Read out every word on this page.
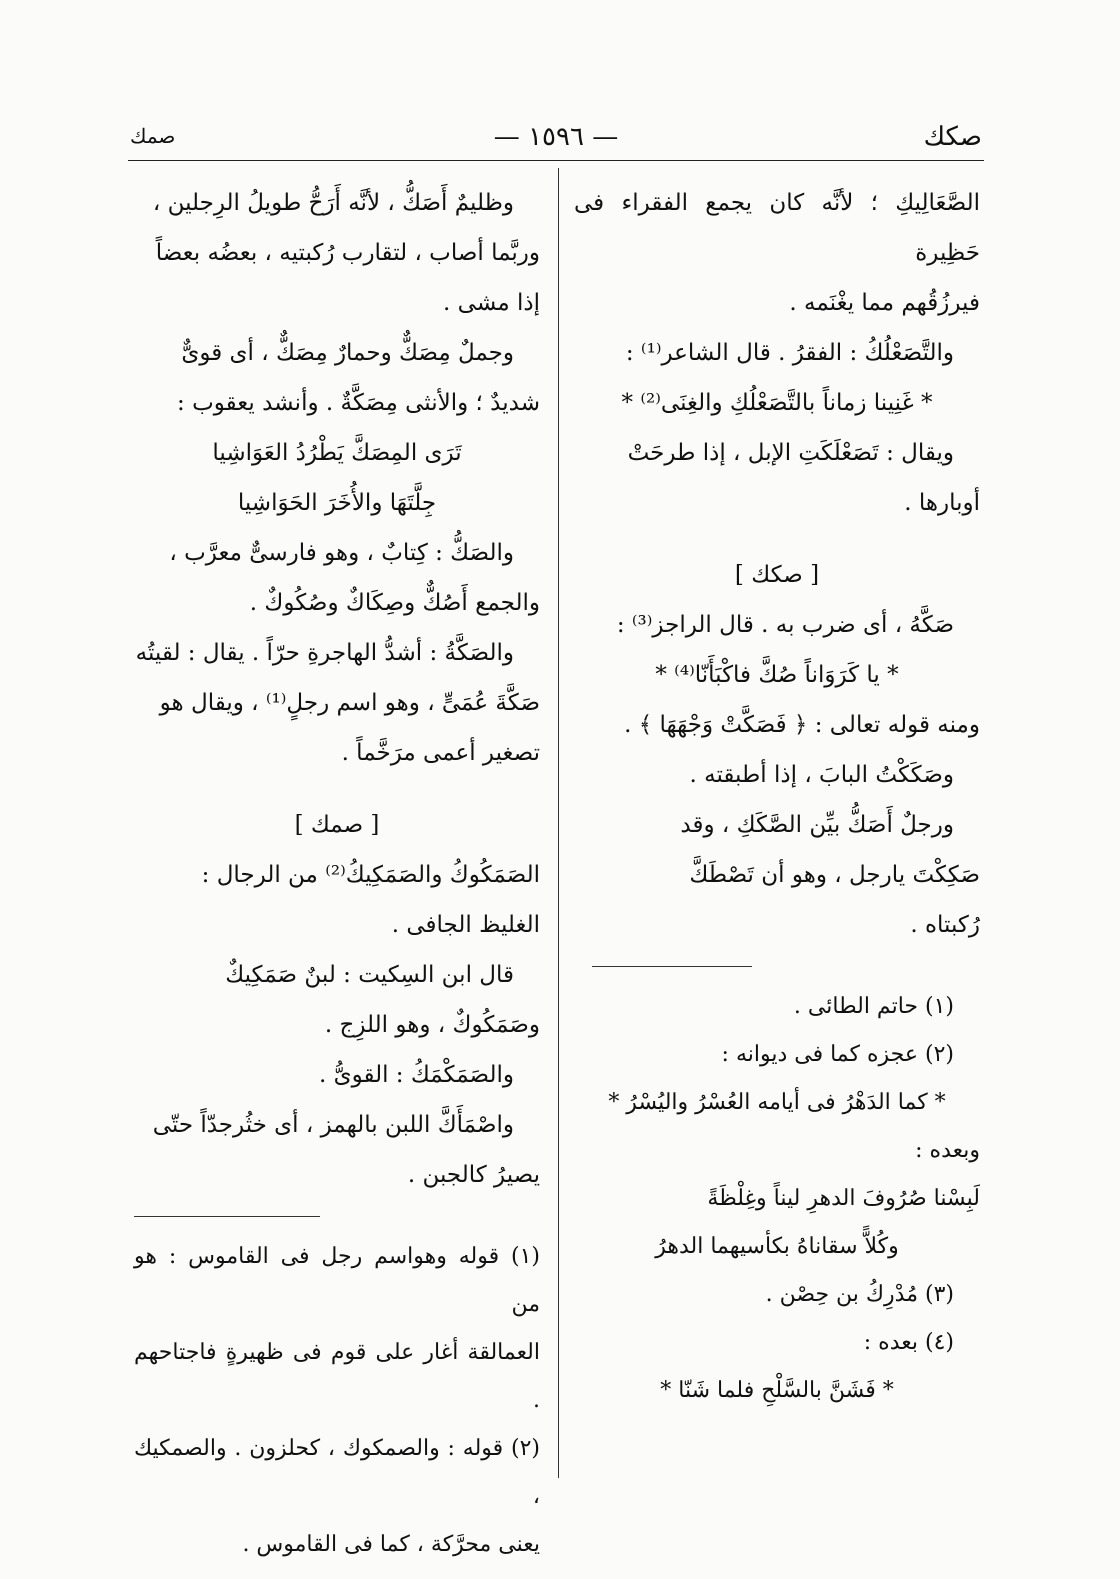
صكك
— ١٥٩٦ —
صمك

الصَّعَالِيكِ ؛ لأنَّه كان يجمع الفقراء فى حَظِيرة

فيرزُقُهم مما يغْنَمه .

والتَّصَعْلُكُ : الفقرُ . قال الشاعر⁽¹⁾ :

* غَنِينا زماناً بالتَّصَعْلُكِ والغِنَى⁽²⁾ *

ويقال : تَصَعْلَكَتِ الإبل ، إذا طرحَتْ

أوبارها .

[ صكك ]

صَكَّهُ ، أى ضرب به . قال الراجز⁽³⁾ :

* يا كَرَوَاناً صُكَّ فاكْبَأَنّا⁽⁴⁾ *

ومنه قوله تعالى : ﴿ فَصَكَّتْ وَجْهَهَا ﴾ .

وصَكَكْتُ البابَ ، إذا أطبقته .

ورجلٌ أَصَكُّ بيِّن الصَّكَكِ ، وقد

صَكِكْتَ يارجل ، وهو أن تَصْطَكَّ

رُكبتاه .

(١) حاتم الطائى .

(٢) عجزه كما فى ديوانه :

* كما الدَهْرُ فى أيامه العُسْرُ واليُسْرُ *

وبعده :

لَبِسْنا صُرُوفَ الدهرِ ليناً وغِلْظَةً

وكُلاًّ سقاناهُ بكأسيهما الدهرُ

(٣) مُدْرِكُ بن حِصْن .

(٤) بعده :

* فَشَنَّ بالسَّلْحِ فلما شَنّا *

وظليمٌ أَصَكُّ ، لأنَّه أَرَحُّ طويلُ الرِجلين ،

وربَّما أصاب ، لتقارب رُكبتيه ، بعضُه بعضاً

إذا مشى .

وجملٌ مِصَكٌّ وحمارٌ مِصَكٌّ ، أى قوىٌّ

شديدٌ ؛ والأنثى مِصَكَّةٌ . وأنشد يعقوب :

تَرَى المِصَكَّ يَطْرُدُ العَوَاشِيا

جِلَّتَهَا والأُخَرَ الحَوَاشِيا

والصَكُّ : كِتابٌ ، وهو فارسىٌّ معرَّب ،

والجمع أَصُكٌّ وصِكَاكٌ وصُكُوكٌ .

والصَكَّةُ : أشدُّ الهاجرةِ حرّاً . يقال : لقيتُه

صَكَّةَ عُمَىٍّ ، وهو اسم رجلٍ⁽¹⁾ ، ويقال هو

تصغير أعمى مرَخَّماً .

[ صمك ]

الصَمَكُوكُ والصَمَكِيكُ⁽²⁾ من الرجال :

الغليظ الجافى .

قال ابن السِكيت : لبنٌ صَمَكِيكٌ

وصَمَكُوكٌ ، وهو اللزِج .

والصَمَكْمَكُ : القوىُّ .

واصْمَأَكَّ اللبن بالهمز ، أى خثُرجدّاً حتّى

يصيرُ كالجبن .

(١) قوله وهواسم رجل فى القاموس : هو من

العمالقة أغار على قوم فى ظهيرةٍ فاجتاحهم .

(٢) قوله : والصمكوك ، كحلزون . والصمكيك ،

يعنى محرَّكة ، كما فى القاموس .
